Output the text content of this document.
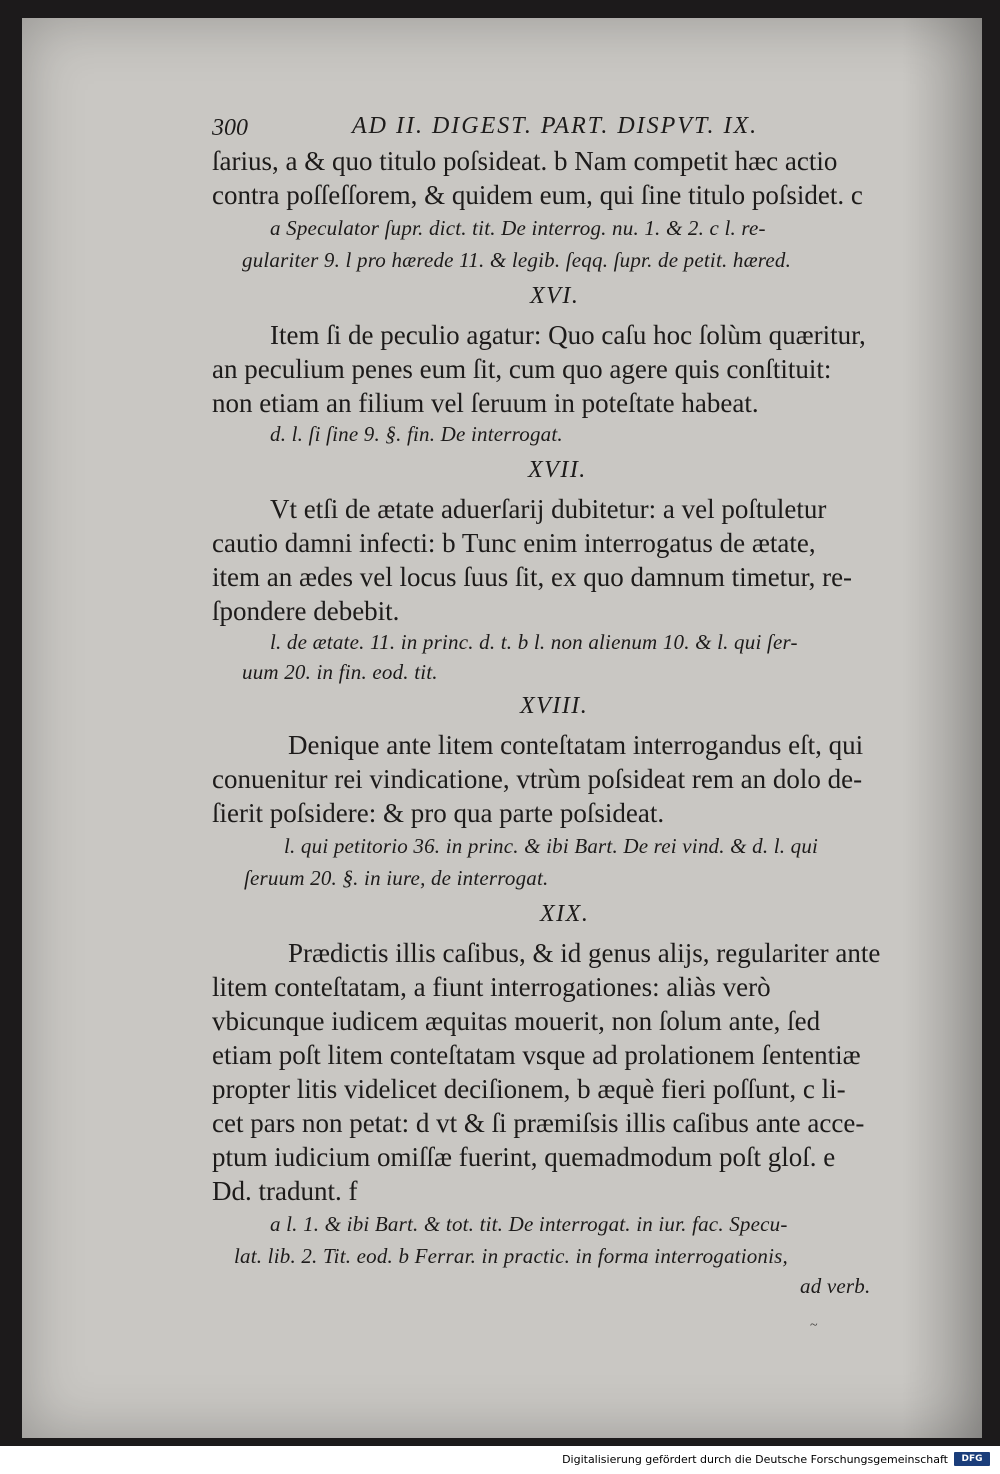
300	AD II. DIGEST. PART. DISPVT. IX.
ſarius, a & quo titulo poſsideat. b Nam competit hæc actio
contra poſſeſſorem, & quidem eum, qui ſine titulo poſsidet. c
a Speculator ſupr. dict. tit. De interrog. nu. 1. & 2. c l. re-
gulariter 9. l pro hærede 11. & legib. ſeqq. ſupr. de petit. hæred.
XVI.
Item ſi de peculio agatur: Quo caſu hoc ſolùm quæritur,
an peculium penes eum ſit, cum quo agere quis conſtituit:
non etiam an filium vel ſeruum in poteſtate habeat.
d. l. ſi ſine 9. §. fin. De interrogat.
XVII.
Vt etſi de ætate aduerſarij dubitetur: a vel poſtuletur
cautio damni infecti: b Tunc enim interrogatus de ætate,
item an ædes vel locus ſuus ſit, ex quo damnum timetur, re-
ſpondere debebit.
l. de ætate. 11. in princ. d. t. b l. non alienum 10. & l. qui ſer-
uum 20. in fin. eod. tit.
XVIII.
Denique ante litem conteſtatam interrogandus eſt, qui
conuenitur rei vindicatione, vtrùm poſsideat rem an dolo de-
ſierit poſsidere: & pro qua parte poſsideat.
l. qui petitorio 36. in princ. & ibi Bart. De rei vind. & d. l. qui
ſeruum 20. §. in iure, de interrogat.
XIX.
Prædictis illis caſibus, & id genus alijs, regulariter ante
litem conteſtatam, a fiunt interrogationes: aliàs verò
vbicunque iudicem æquitas mouerit, non ſolum ante, ſed
etiam poſt litem conteſtatam vsque ad prolationem ſententiæ
propter litis videlicet deciſionem, b æquè fieri poſſunt, c li-
cet pars non petat: d vt & ſi præmiſsis illis caſibus ante acce-
ptum iudicium omiſſæ fuerint, quemadmodum poſt gloſ. e
Dd. tradunt. f
a l. 1. & ibi Bart. & tot. tit. De interrogat. in iur. fac. Specu-
lat. lib. 2. Tit. eod. b Ferrar. in practic. in forma interrogationis,
ad verb.
~
Digitalisierung gefördert durch die Deutsche Forschungsgemeinschaft	DFG
